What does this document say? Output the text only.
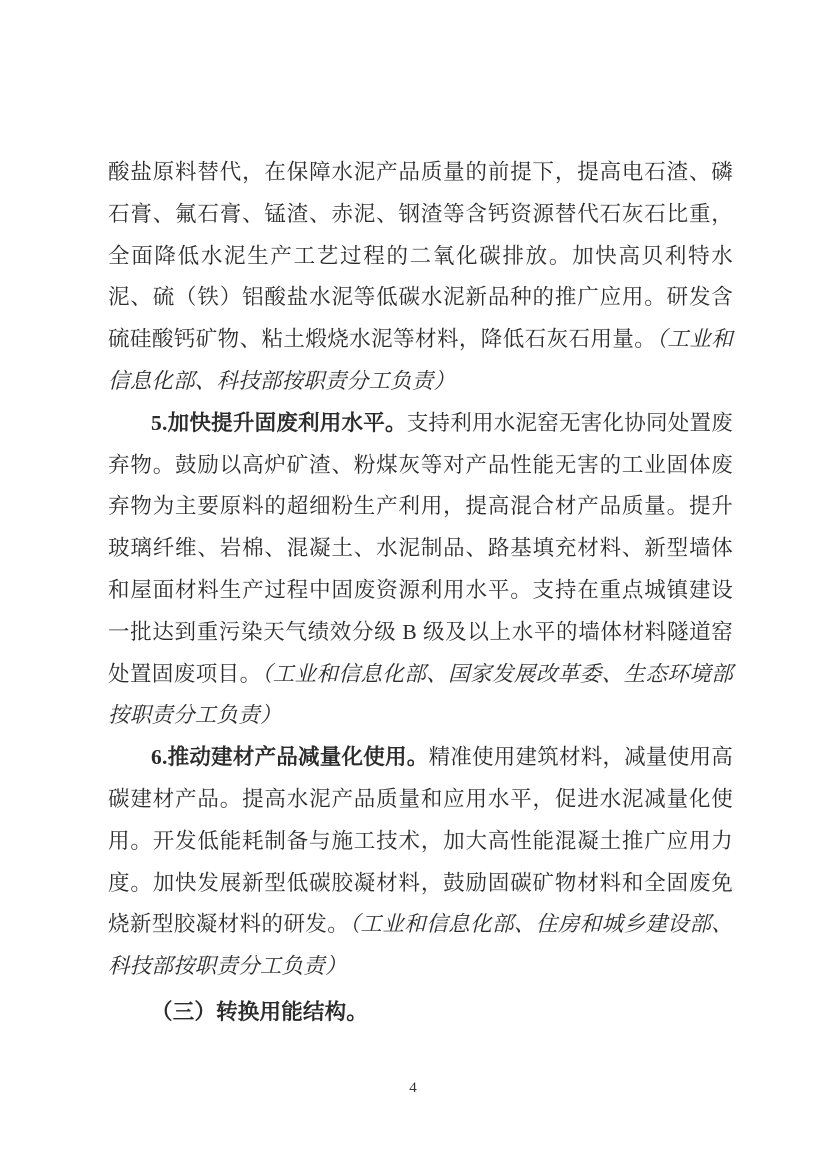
酸盐原料替代，在保障水泥产品质量的前提下，提高电石渣、磷石膏、氟石膏、锰渣、赤泥、钢渣等含钙资源替代石灰石比重，全面降低水泥生产工艺过程的二氧化碳排放。加快高贝利特水泥、硫（铁）铝酸盐水泥等低碳水泥新品种的推广应用。研发含硫硅酸钙矿物、粘土煅烧水泥等材料，降低石灰石用量。（工业和信息化部、科技部按职责分工负责）

5.加快提升固废利用水平。支持利用水泥窑无害化协同处置废弃物。鼓励以高炉矿渣、粉煤灰等对产品性能无害的工业固体废弃物为主要原料的超细粉生产利用，提高混合材产品质量。提升玻璃纤维、岩棉、混凝土、水泥制品、路基填充材料、新型墙体和屋面材料生产过程中固废资源利用水平。支持在重点城镇建设一批达到重污染天气绩效分级 B 级及以上水平的墙体材料隧道窑处置固废项目。（工业和信息化部、国家发展改革委、生态环境部按职责分工负责）

6.推动建材产品减量化使用。精准使用建筑材料，减量使用高碳建材产品。提高水泥产品质量和应用水平，促进水泥减量化使用。开发低能耗制备与施工技术，加大高性能混凝土推广应用力度。加快发展新型低碳胶凝材料，鼓励固碳矿物材料和全固废免烧新型胶凝材料的研发。（工业和信息化部、住房和城乡建设部、科技部按职责分工负责）

（三）转换用能结构。

4
